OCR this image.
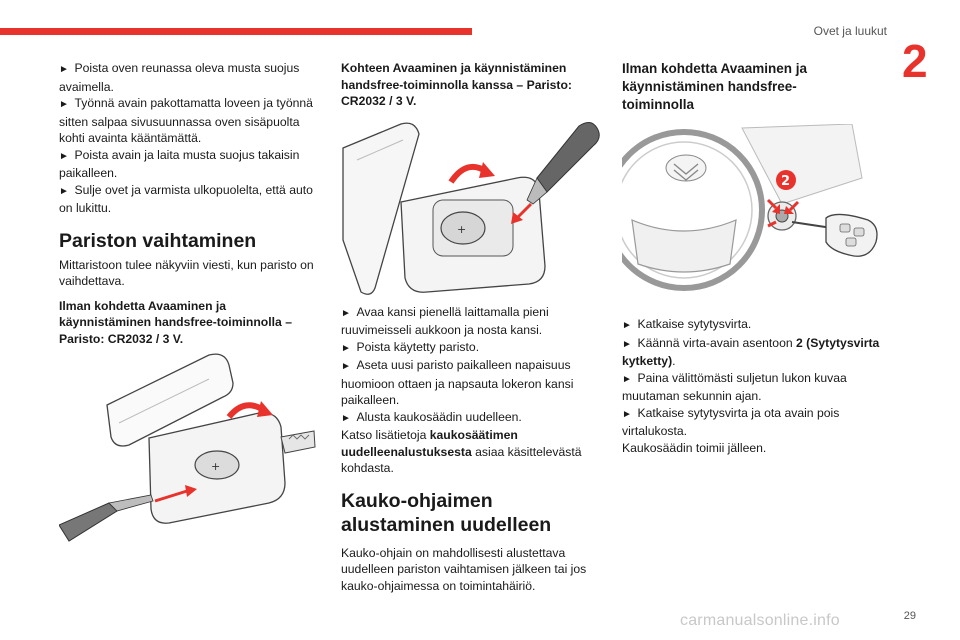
Ovet ja luukut
2
29
carmanualsonline.info

►  Poista oven reunassa oleva musta suojus avaimella.

►  Työnnä avain pakottamatta loveen ja työnnä sitten salpaa sivusuunnassa oven sisäpuolta kohti avainta kääntämättä.

►  Poista avain ja laita musta suojus takaisin paikalleen.

►  Sulje ovet ja varmista ulkopuolelta, että auto on lukittu.

Pariston vaihtaminen

Mittaristoon tulee näkyviin viesti, kun paristo on vaihdettava.

Ilman kohdetta Avaaminen ja käynnistäminen handsfree-toiminnolla – Paristo: CR2032 / 3 V.
+
Kohteen Avaaminen ja käynnistäminen handsfree-toiminnolla kanssa – Paristo: CR2032 / 3 V.
+

►  Avaa kansi pienellä laittamalla pieni ruuvimeisseli aukkoon ja nosta kansi.

►  Poista käytetty paristo.

►  Aseta uusi paristo paikalleen napaisuus huomioon ottaen ja napsauta lokeron kansi paikalleen.

►  Alusta kaukosäädin uudelleen.

Katso lisätietoja kaukosäätimen uudelleenalustuksesta asiaa käsittelevästä kohdasta.

Kauko-ohjaimen alustaminen uudelleen

Kauko-ohjain on mahdollisesti alustettava uudelleen pariston vaihtamisen jälkeen tai jos kauko-ohjaimessa on toimintahäiriö.

Ilman kohdetta Avaaminen ja käynnistäminen handsfree-toiminnolla
2

►  Katkaise sytytysvirta.

►  Käännä virta-avain asentoon 2 (Sytytysvirta kytketty).

►  Paina välittömästi suljetun lukon kuvaa muutaman sekunnin ajan.

►  Katkaise sytytysvirta ja ota avain pois virtalukosta.

Kaukosäädin toimii jälleen.
